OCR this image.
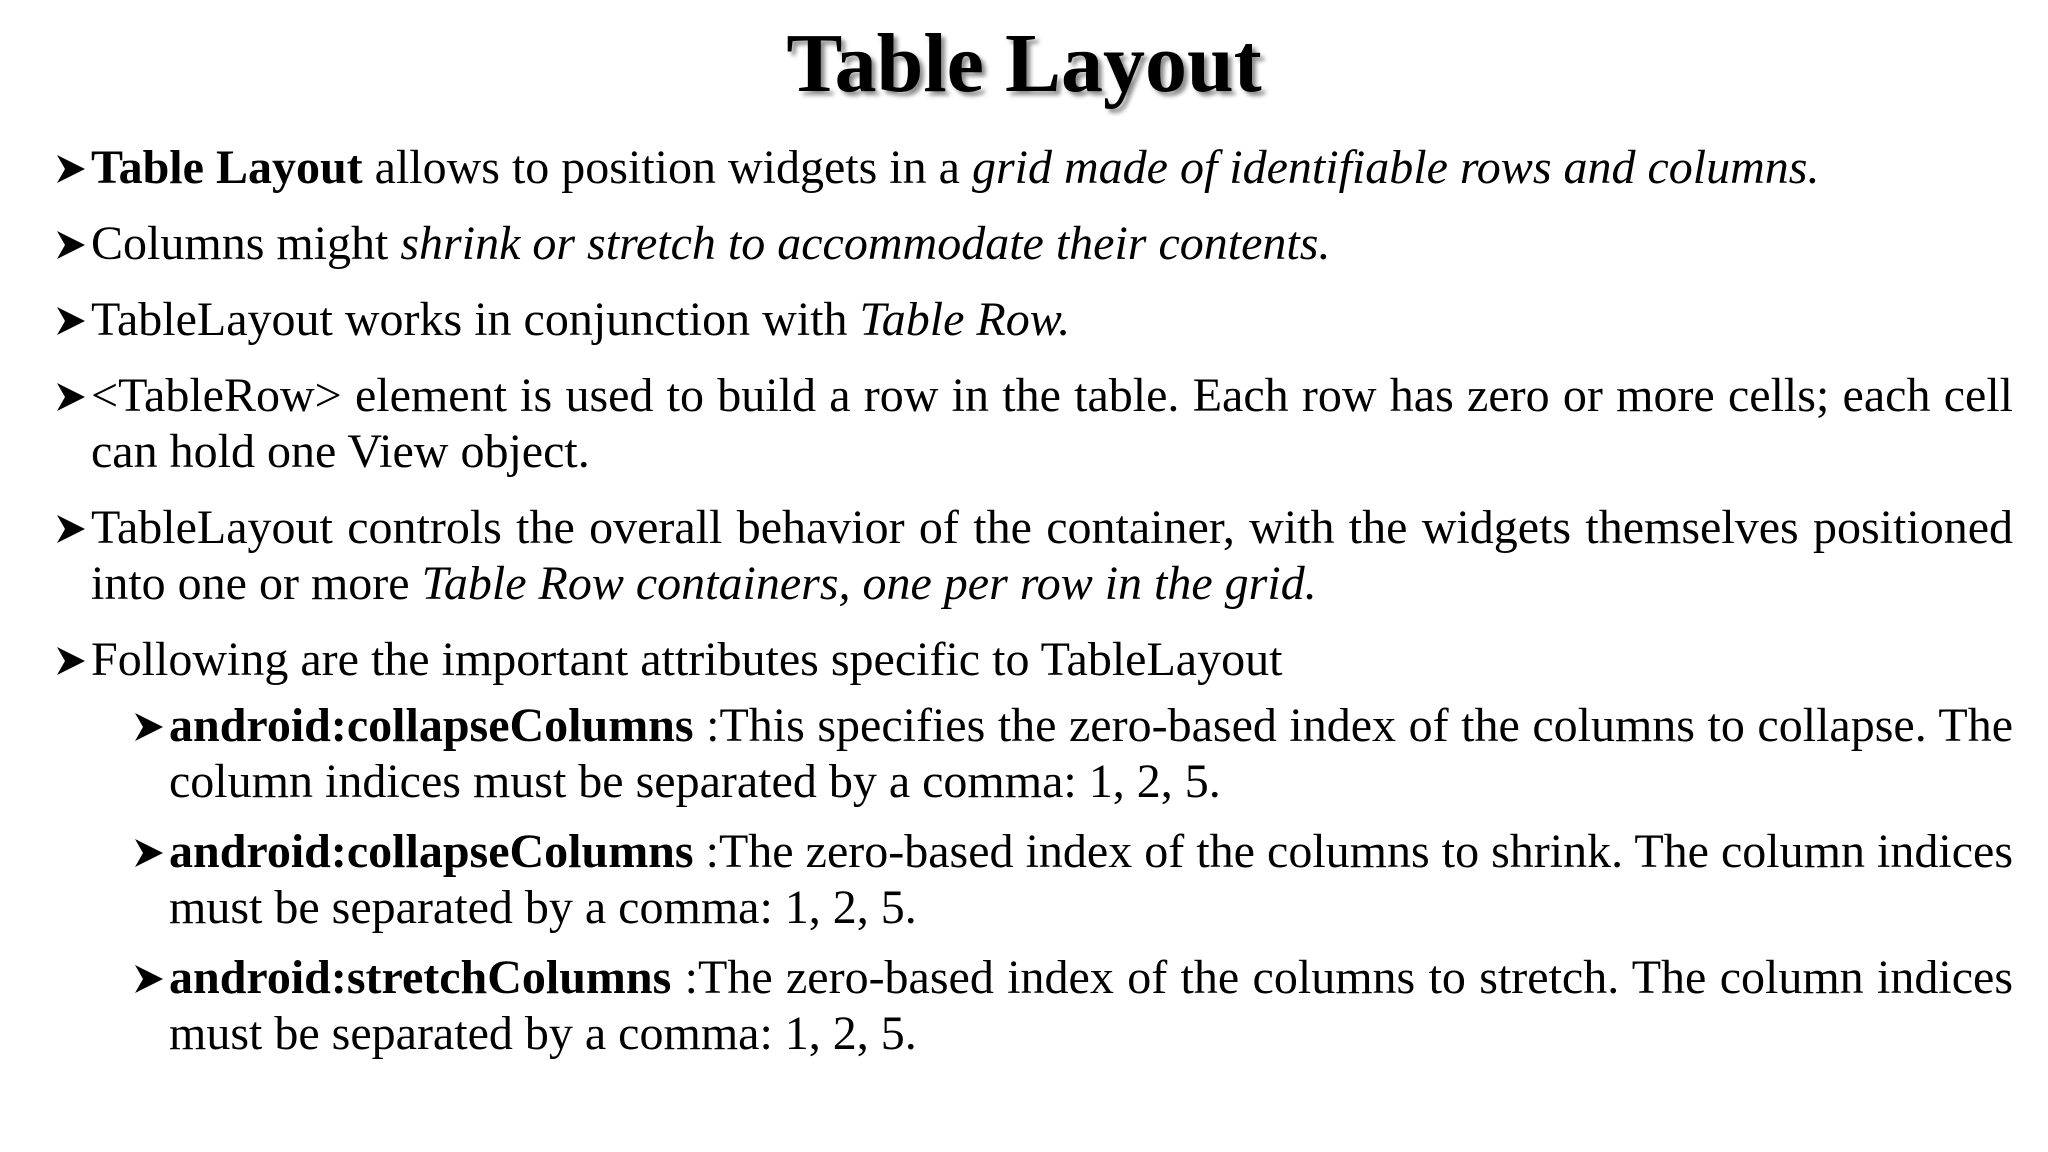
Table Layout
Table Layout allows to position widgets in a grid made of identifiable rows and columns.
Columns might shrink or stretch to accommodate their contents.
TableLayout works in conjunction with Table Row.
<TableRow> element is used to build a row in the table. Each row has zero or more cells; each cell can hold one View object.
TableLayout controls the overall behavior of the container, with the widgets themselves positioned into one or more Table Row containers, one per row in the grid.
Following are the important attributes specific to TableLayout
android:collapseColumns :This specifies the zero-based index of the columns to collapse. The column indices must be separated by a comma: 1, 2, 5.
android:collapseColumns :The zero-based index of the columns to shrink. The column indices must be separated by a comma: 1, 2, 5.
android:stretchColumns :The zero-based index of the columns to stretch. The column indices must be separated by a comma: 1, 2, 5.
